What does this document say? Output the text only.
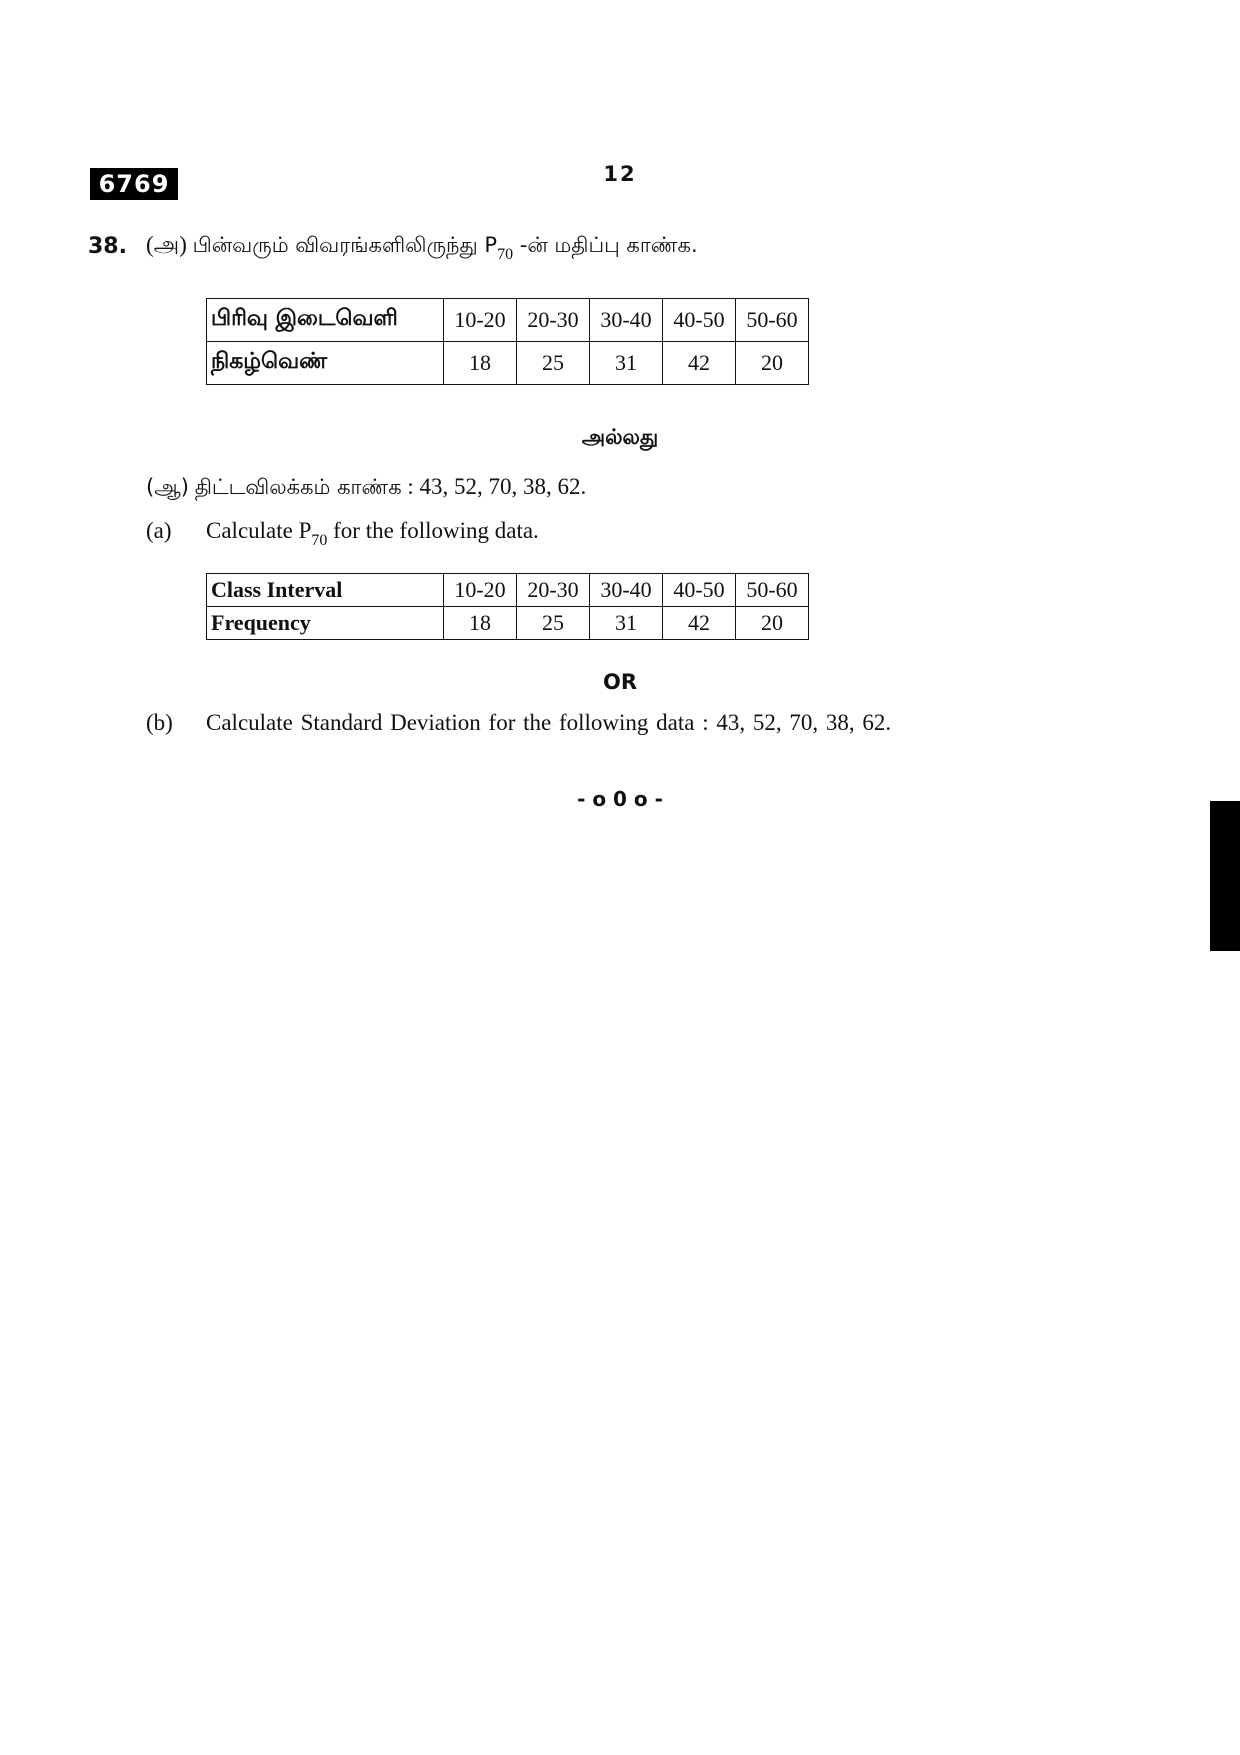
6769	12
38. (அ) பின்வரும் விவரங்களிலிருந்து $P_{70}$ -ன் மதிப்பு காண்க.
பிரிவு இடைவெளி	10-20	20-30	30-40	40-50	50-60
நிகழ்வெண்	18	25	31	42	20
அல்லது
(ஆ) திட்டவிலக்கம் காண்க : 43, 52, 70, 38, 62.
(a) Calculate $P_{70}$ for the following data.
Class Interval	10-20	20-30	30-40	40-50	50-60
Frequency	18	25	31	42	20
OR
(b) Calculate Standard Deviation for the following data : 43, 52, 70, 38, 62.
- o 0 o -
